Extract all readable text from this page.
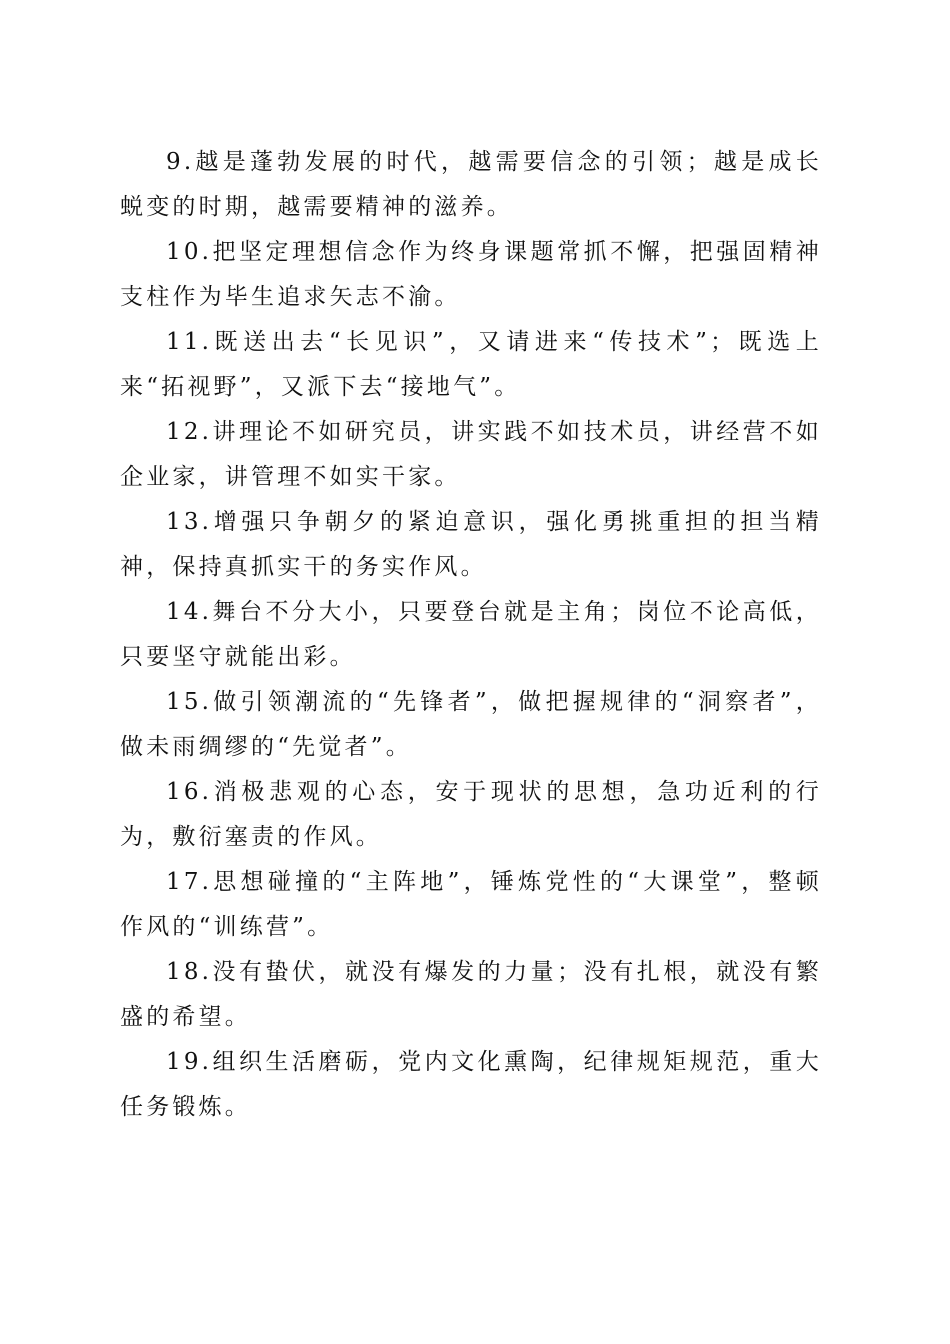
9.越是蓬勃发展的时代，越需要信念的引领；越是成长蜕变的时期，越需要精神的滋养。

10.把坚定理想信念作为终身课题常抓不懈，把强固精神支柱作为毕生追求矢志不渝。

11.既送出去“长见识”，又请进来“传技术”；既选上来“拓视野”，又派下去“接地气”。

12.讲理论不如研究员，讲实践不如技术员，讲经营不如企业家，讲管理不如实干家。

13.增强只争朝夕的紧迫意识，强化勇挑重担的担当精神，保持真抓实干的务实作风。

14.舞台不分大小，只要登台就是主角；岗位不论高低，只要坚守就能出彩。

15.做引领潮流的“先锋者”，做把握规律的“洞察者”，做未雨绸缪的“先觉者”。

16.消极悲观的心态，安于现状的思想，急功近利的行为，敷衍塞责的作风。

17.思想碰撞的“主阵地”，锤炼党性的“大课堂”，整顿作风的“训练营”。

18.没有蛰伏，就没有爆发的力量；没有扎根，就没有繁盛的希望。

19.组织生活磨砺，党内文化熏陶，纪律规矩规范，重大任务锻炼。
